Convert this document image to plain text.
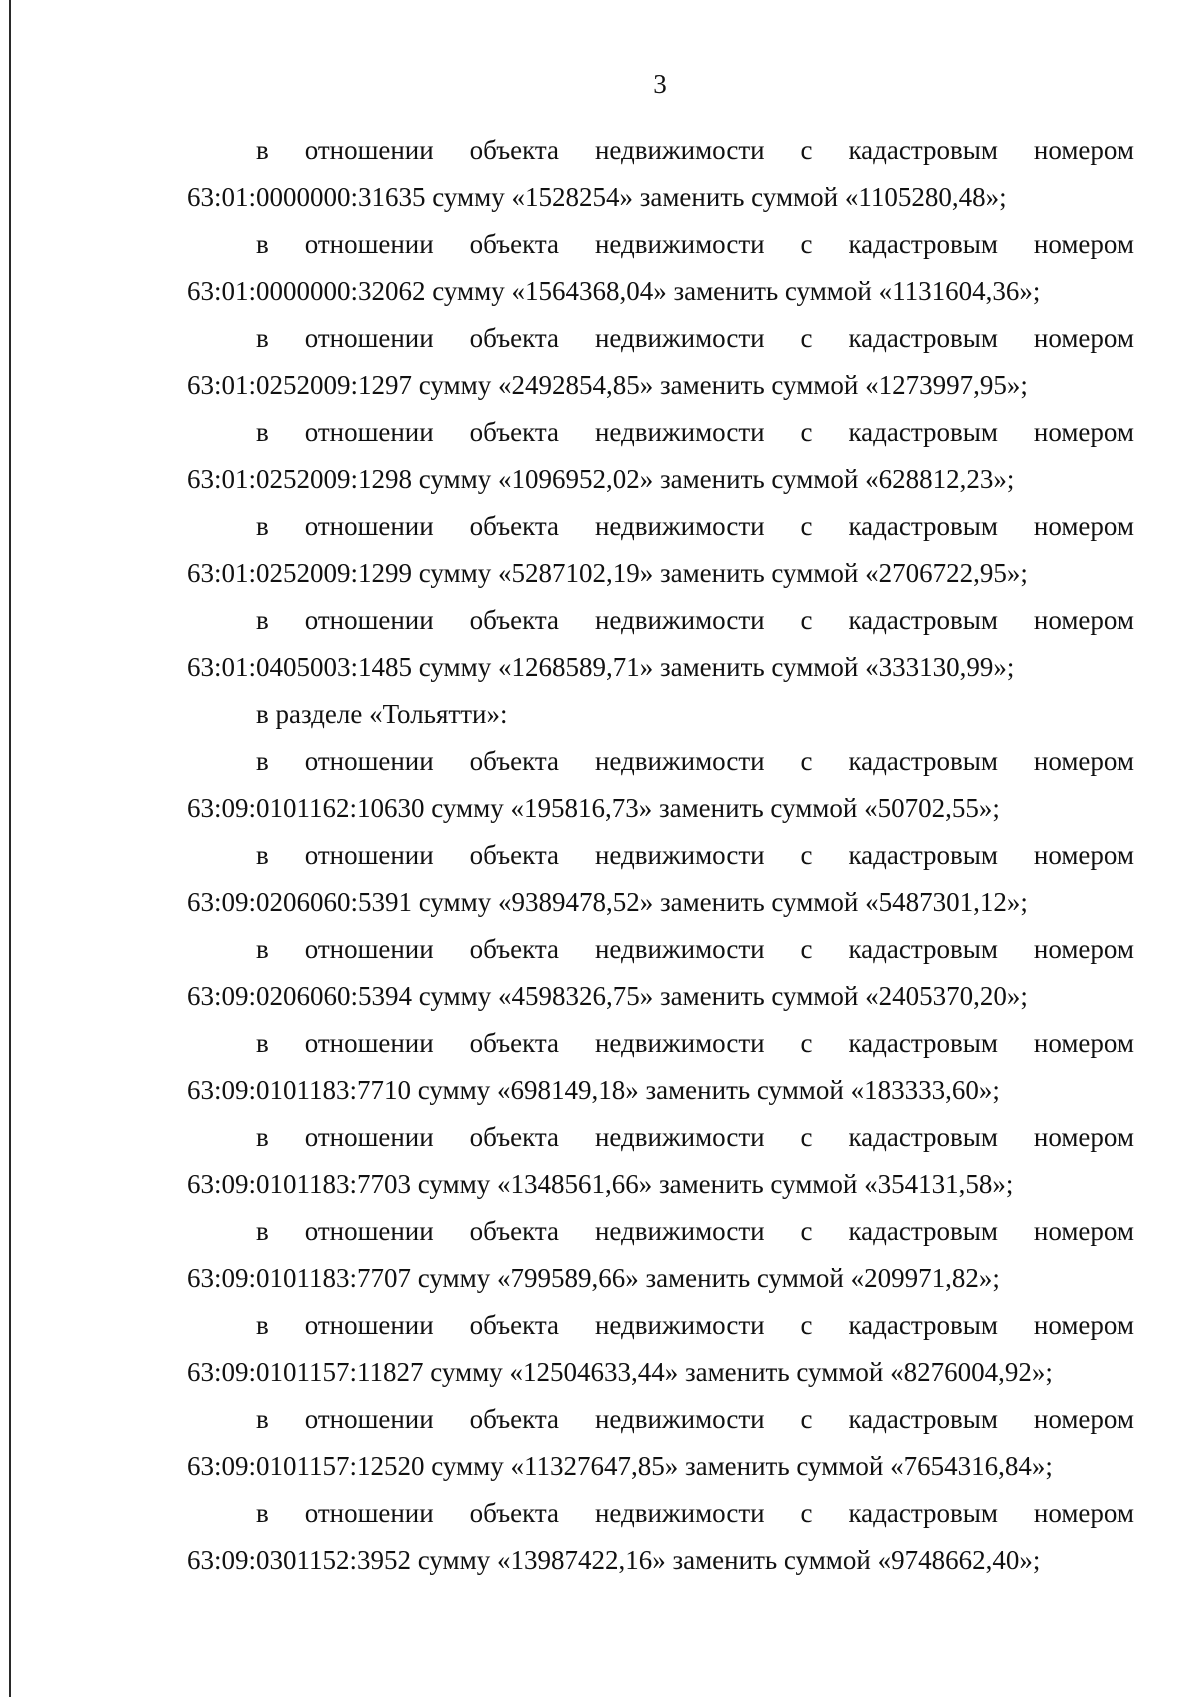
3
в отношении объекта недвижимости с кадастровым номером
63:01:0000000:31635 сумму «1528254» заменить суммой «1105280,48»;
в отношении объекта недвижимости с кадастровым номером
63:01:0000000:32062 сумму «1564368,04» заменить суммой «1131604,36»;
в отношении объекта недвижимости с кадастровым номером
63:01:0252009:1297 сумму «2492854,85» заменить суммой «1273997,95»;
в отношении объекта недвижимости с кадастровым номером
63:01:0252009:1298 сумму «1096952,02» заменить суммой «628812,23»;
в отношении объекта недвижимости с кадастровым номером
63:01:0252009:1299 сумму «5287102,19» заменить суммой «2706722,95»;
в отношении объекта недвижимости с кадастровым номером
63:01:0405003:1485 сумму «1268589,71» заменить суммой «333130,99»;
в разделе «Тольятти»:
в отношении объекта недвижимости с кадастровым номером
63:09:0101162:10630 сумму «195816,73» заменить суммой «50702,55»;
в отношении объекта недвижимости с кадастровым номером
63:09:0206060:5391 сумму «9389478,52» заменить суммой «5487301,12»;
в отношении объекта недвижимости с кадастровым номером
63:09:0206060:5394 сумму «4598326,75» заменить суммой «2405370,20»;
в отношении объекта недвижимости с кадастровым номером
63:09:0101183:7710 сумму «698149,18» заменить суммой «183333,60»;
в отношении объекта недвижимости с кадастровым номером
63:09:0101183:7703 сумму «1348561,66» заменить суммой «354131,58»;
в отношении объекта недвижимости с кадастровым номером
63:09:0101183:7707 сумму «799589,66» заменить суммой «209971,82»;
в отношении объекта недвижимости с кадастровым номером
63:09:0101157:11827 сумму «12504633,44» заменить суммой «8276004,92»;
в отношении объекта недвижимости с кадастровым номером
63:09:0101157:12520 сумму «11327647,85» заменить суммой «7654316,84»;
в отношении объекта недвижимости с кадастровым номером
63:09:0301152:3952 сумму «13987422,16» заменить суммой «9748662,40»;
